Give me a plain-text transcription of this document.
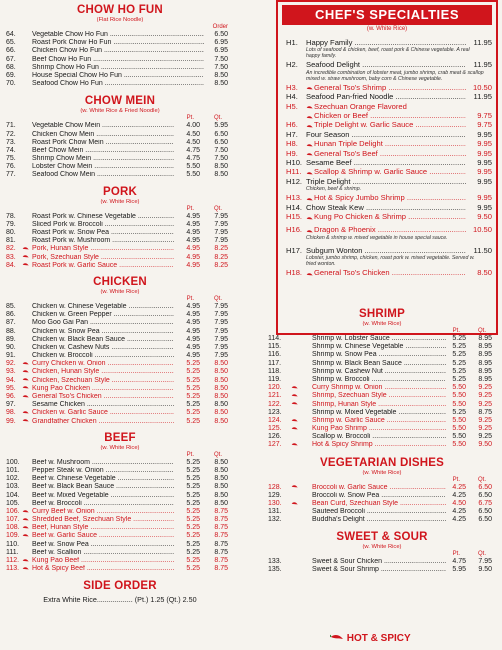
CHOW HO FUN
(Flat Rice Noodle)
Order
64.	Vegetable Chow Ho Fun .....	6.50
65.	Roast Pork Chow Ho Fun .....	6.95
66.	Chicken Chow Ho Fun .....	6.95
67.	Beef Chow Ho Fun .....	7.50
68.	Shrimp Chow Ho Fun .....	7.50
69.	House Special Chow Ho Fun .....	8.50
70.	Seafood Chow Ho Fun .....	8.50
CHOW MEIN
(w. White Rice & Fried Noodle)
Pt.	Qt.
71.	Vegetable Chow Mein .....	4.00	5.95
72.	Chicken Chow Mein .....	4.50	6.50
73.	Roast Pork Chow Mein .....	4.50	6.50
74.	Beef Chow Mein .....	4.75	7.50
75.	Shrimp Chow Mein .....	4.75	7.50
76.	Lobster Chow Mein .....	5.50	8.50
77.	Seafood Chow Mein .....	5.50	8.50
PORK
(w. White Rice)
Pt.	Qt.
78.	Roast Pork w. Chinese Vegetable .....	4.95	7.95
79.	Sliced Pork w. Broccoli .....	4.95	7.95
80.	Roast Pork w. Snow Pea .....	4.95	7.95
81.	Roast Pork w. Mushroom .....	4.95	7.95
82.	Pork, Hunan Style .....	4.95	8.25
83.	Pork, Szechuan Style .....	4.95	8.25
84.	Roast Pork w. Garlic Sauce .....	4.95	8.25
CHICKEN
(w. White Rice)
Pt.	Qt.
85.	Chicken w. Chinese Vegetable .....	4.95	7.95
86.	Chicken w. Green Pepper .....	4.95	7.95
87.	Moo Goo Gai Pan .....	4.95	7.95
88.	Chicken w. Snow Pea .....	4.95	7.95
89.	Chicken w. Black Bean Sauce .....	4.95	7.95
90.	Chicken w. Cashew Nuts .....	4.95	7.95
91.	Chicken w. Broccoli .....	4.95	7.95
92.	Curry Chicken w. Onion .....	5.25	8.50
93.	Chicken, Hunan Style .....	5.25	8.50
94.	Chicken, Szechuan Style .....	5.25	8.50
95.	Kung Pao Chicken .....	5.25	8.50
96.	General Tso's Chicken .....	5.25	8.50
97.	Sesame Chicken .....	5.25	8.50
98.	Chicken w. Garlic Sauce .....	5.25	8.50
99.	Grandfather Chicken .....	5.25	8.50
BEEF
(w. White Rice)
Pt.	Qt.
100.	Beef w. Mushroom .....	5.25	8.50
101.	Pepper Steak w. Onion .....	5.25	8.50
102.	Beef w. Chinese Vegetable .....	5.25	8.50
103.	Beef w. Black Bean Sauce .....	5.25	8.50
104.	Beef w. Mixed Vegetable .....	5.25	8.50
105.	Beef w. Broccoli .....	5.25	8.50
106.	Curry Beef w. Onion .....	5.25	8.75
107.	Shredded Beef, Szechuan Style .....	5.25	8.75
108.	Beef, Hunan Style .....	5.25	8.75
109.	Beef w. Garlic Sauce .....	5.25	8.75
110.	Beef w. Snow Pea .....	5.25	8.75
111.	Beef w. Scallion .....	5.25	8.75
112.	Kung Pao Beef .....	5.25	8.75
113.	Hot & Spicy Beef .....	5.25	8.75
SIDE ORDER
Extra White Rice.................. (Pt.) 1.25 (Qt.) 2.50
CHEF'S SPECIALTIES
(w. White Rice)
H1. Happy Family .....	11.95
Lots of seafood & chicken, beef, roast pork & Chinese vegetable. A real happy family.
H2. Seafood Delight .....	11.95
An incredible combination of lobster meat, jumbo shrimp, crab meat & scallop mixed w. straw mushroom, baby corn & Chinese vegetable.
H3. General Tso's Shrimp .....	10.50
H4. Seafood Pan-fried Noodle .....	11.95
H5. Szechuan Orange Flavored
Chicken or Beef .....	9.75
H6. Triple Delight w. Garlic Sauce .....	9.75
H7. Four Season .....	9.95
H8. Hunan Triple Delight .....	9.95
H9. General Tso's Beef .....	9.95
H10. Sesame Beef .....	9.95
H11. Scallop & Shrimp w. Garlic Sauce .....	9.95
H12. Triple Delight .....	9.95
Chicken, beef & shrimp.
H13. Hot & Spicy Jumbo Shrimp .....	9.95
H14. Chow Steak Kew .....	9.95
H15. Kung Po Chicken & Shrimp .....	9.50
H16. Dragon & Phoenix .....	10.50
Chicken & shrimp w. mixed vegetable in house special sauce.
H17. Subgum Wonton .....	11.50
Lobster, jumbo shrimp, chicken, roast pork w. mixed vegetable. Served w. fried wonton.
H18. General Tso's Chicken .....	8.50
SHRIMP
(w. White Rice)
Pt.	Qt.
114.	Shrimp w. Lobster Sauce .....	5.25	8.95
115.	Shrimp w. Chinese Vegetable .....	5.25	8.95
116.	Shrimp w. Snow Pea .....	5.25	8.95
117.	Shrimp w. Black Bean Sauce .....	5.25	8.95
118.	Shrimp w. Cashew Nut .....	5.25	8.95
119.	Shrimp w. Broccoli .....	5.25	8.95
120.	Curry Shrimp w. Onion .....	5.50	9.25
121.	Shrimp, Szechuan Style .....	5.50	9.25
122.	Shrimp, Hunan Style .....	5.50	9.25
123.	Shrimp w. Mixed Vegetable .....	5.25	8.75
124.	Shrimp w. Garlic Sauce .....	5.50	9.25
125.	Kung Pao Shrimp .....	5.50	9.25
126.	Scallop w. Broccoli .....	5.50	9.25
127.	Hot & Spicy Shrimp .....	5.50	9.50
VEGETARIAN DISHES
(w. White Rice)
Pt.	Qt.
128.	Broccoli w. Garlic Sauce .....	4.25	6.50
129.	Broccoli w. Snow Pea .....	4.25	6.50
130.	Bean Curd, Szechuan Style .....	4.50	6.75
131.	Sauteed Broccoli .....	4.25	6.50
132.	Buddha's Delight .....	4.25	6.50
SWEET & SOUR
(w. White Rice)
Pt.	Qt.
133.	Sweet & Sour Chicken .....	4.75	7.95
135.	Sweet & Sour Shrimp .....	5.95	9.50
HOT & SPICY
